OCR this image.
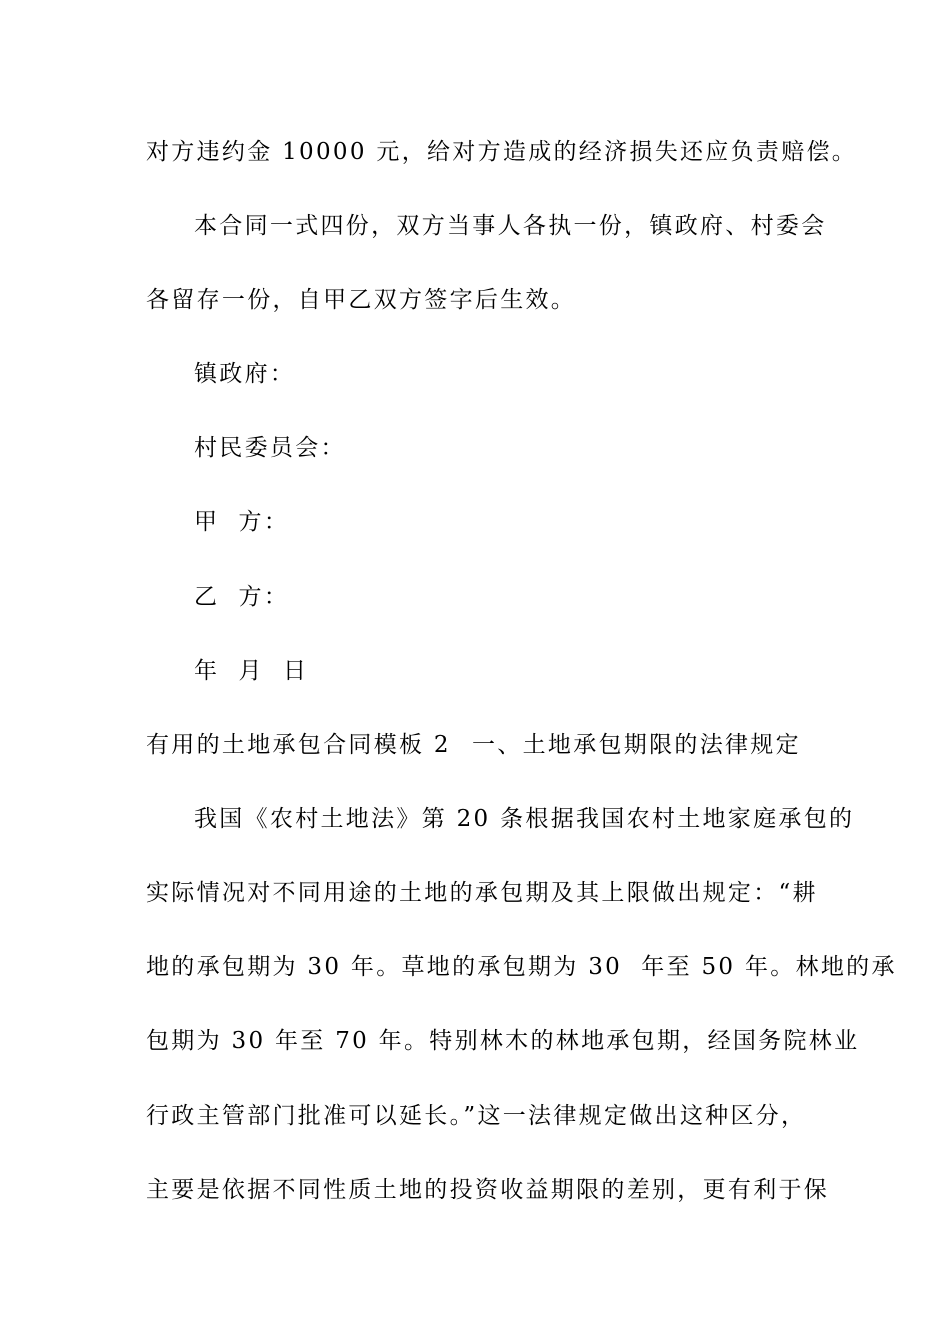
对方违约金 10000 元，给对方造成的经济损失还应负责赔偿。
本合同一式四份，双方当事人各执一份，镇政府、村委会
各留存一份，自甲乙双方签字后生效。
镇政府：
村民委员会：
甲  方：
乙  方：
年  月  日
有用的土地承包合同模板 2 一、土地承包期限的法律规定
我国《农村土地法》第 20 条根据我国农村土地家庭承包的
实际情况对不同用途的土地的承包期及其上限做出规定：“耕
地的承包期为 30 年。草地的承包期为 30  年至 50 年。林地的承
包期为 30 年至 70 年。特别林木的林地承包期，经国务院林业
行政主管部门批准可以延长。”这一法律规定做出这种区分，
主要是依据不同性质土地的投资收益期限的差别，更有利于保
